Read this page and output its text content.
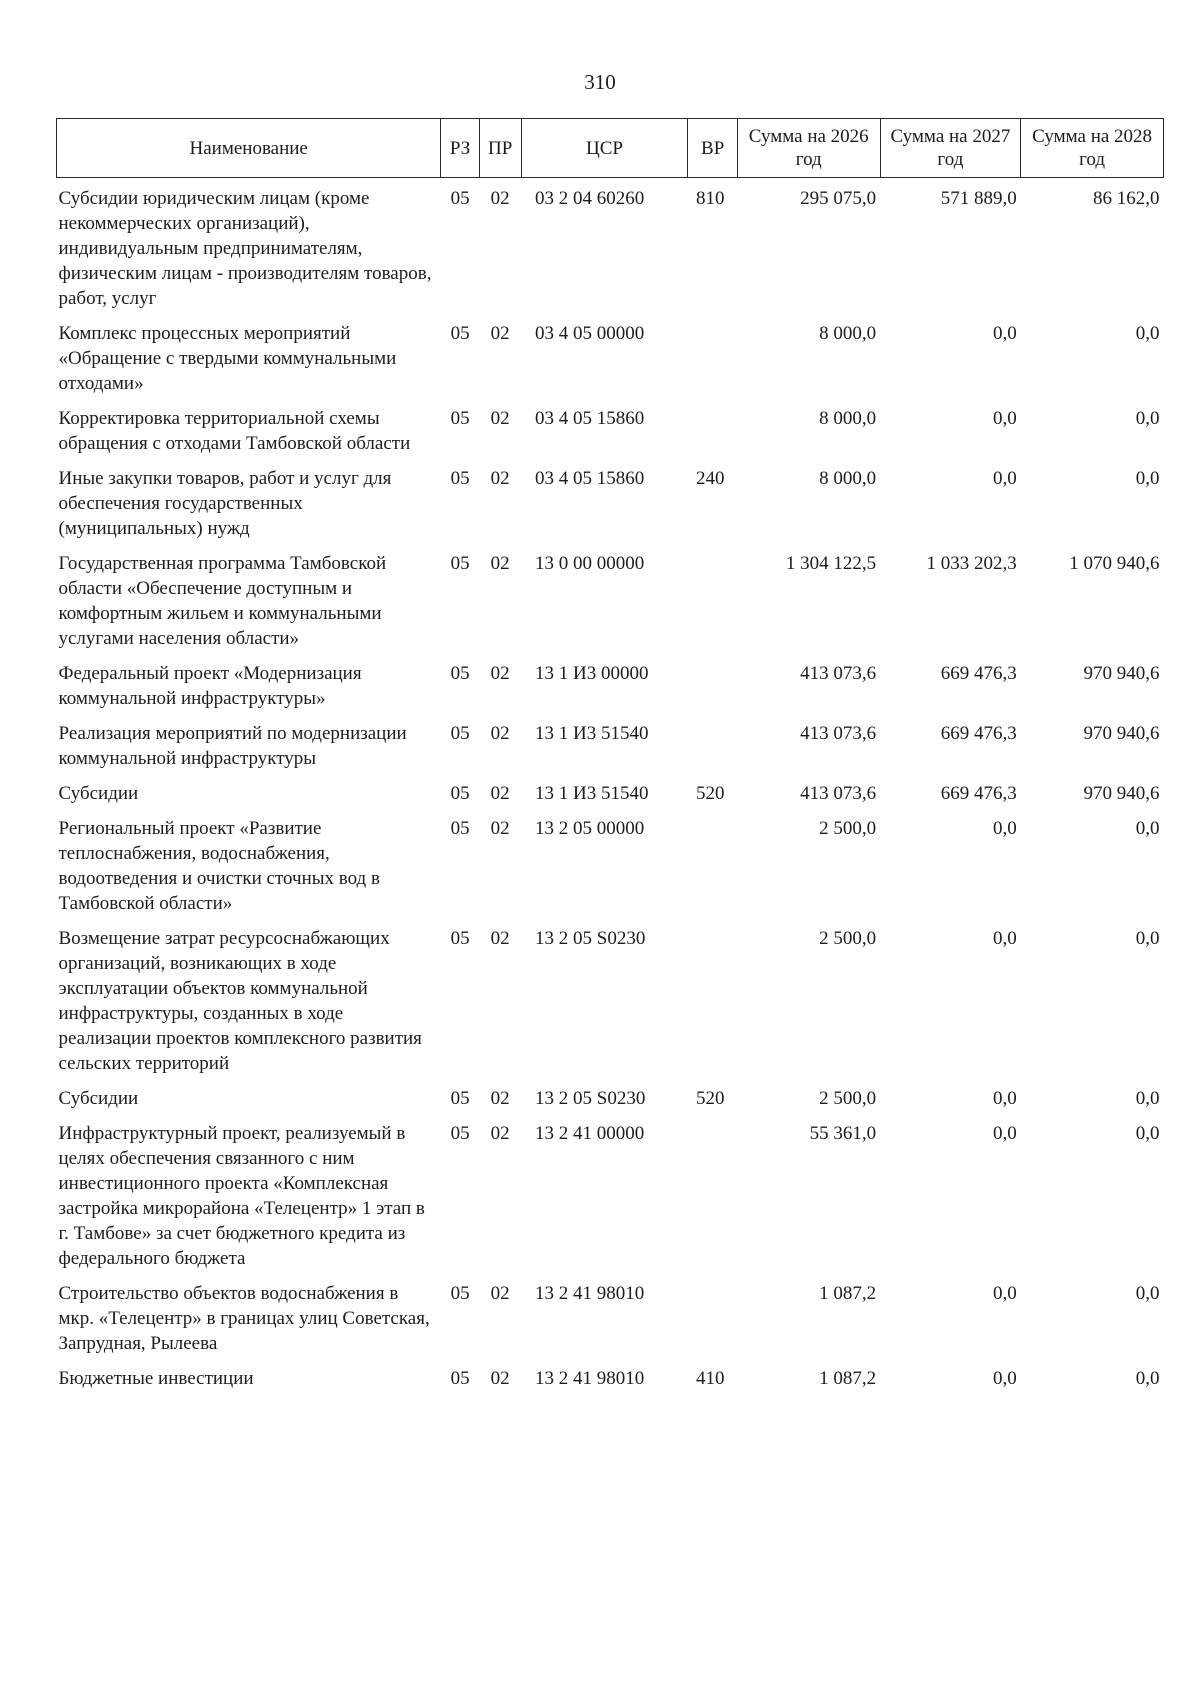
310
Наименование	РЗ	ПР	ЦСР	ВР	Сумма на 2026 год	Сумма на 2027 год	Сумма на 2028 год
Субсидии юридическим лицам (кроме некоммерческих организаций), индивидуальным предпринимателям, физическим лицам - производителям товаров, работ, услуг	05	02	03 2 04 60260	810	295 075,0	571 889,0	86 162,0
Комплекс процессных мероприятий «Обращение с твердыми коммунальными отходами»	05	02	03 4 05 00000		8 000,0	0,0	0,0
Корректировка территориальной схемы обращения с отходами Тамбовской области	05	02	03 4 05 15860		8 000,0	0,0	0,0
Иные закупки товаров, работ и услуг для обеспечения государственных (муниципальных) нужд	05	02	03 4 05 15860	240	8 000,0	0,0	0,0
Государственная программа Тамбовской области «Обеспечение доступным и комфортным жильем и коммунальными услугами населения области»	05	02	13 0 00 00000		1 304 122,5	1 033 202,3	1 070 940,6
Федеральный проект «Модернизация коммунальной инфраструктуры»	05	02	13 1 И3 00000		413 073,6	669 476,3	970 940,6
Реализация мероприятий по модернизации коммунальной инфраструктуры	05	02	13 1 И3 51540		413 073,6	669 476,3	970 940,6
Субсидии	05	02	13 1 И3 51540	520	413 073,6	669 476,3	970 940,6
Региональный проект «Развитие теплоснабжения, водоснабжения, водоотведения и очистки сточных вод в Тамбовской области»	05	02	13 2 05 00000		2 500,0	0,0	0,0
Возмещение затрат ресурсоснабжающих организаций, возникающих в ходе эксплуатации объектов коммунальной инфраструктуры, созданных в ходе реализации проектов комплексного развития сельских территорий	05	02	13 2 05 S0230		2 500,0	0,0	0,0
Субсидии	05	02	13 2 05 S0230	520	2 500,0	0,0	0,0
Инфраструктурный проект, реализуемый в целях обеспечения связанного с ним инвестиционного проекта «Комплексная застройка микрорайона «Телецентр» 1 этап в г. Тамбове» за счет бюджетного кредита из федерального бюджета	05	02	13 2 41 00000		55 361,0	0,0	0,0
Строительство объектов водоснабжения в мкр. «Телецентр» в границах улиц Советская, Запрудная, Рылеева	05	02	13 2 41 98010		1 087,2	0,0	0,0
Бюджетные инвестиции	05	02	13 2 41 98010	410	1 087,2	0,0	0,0
